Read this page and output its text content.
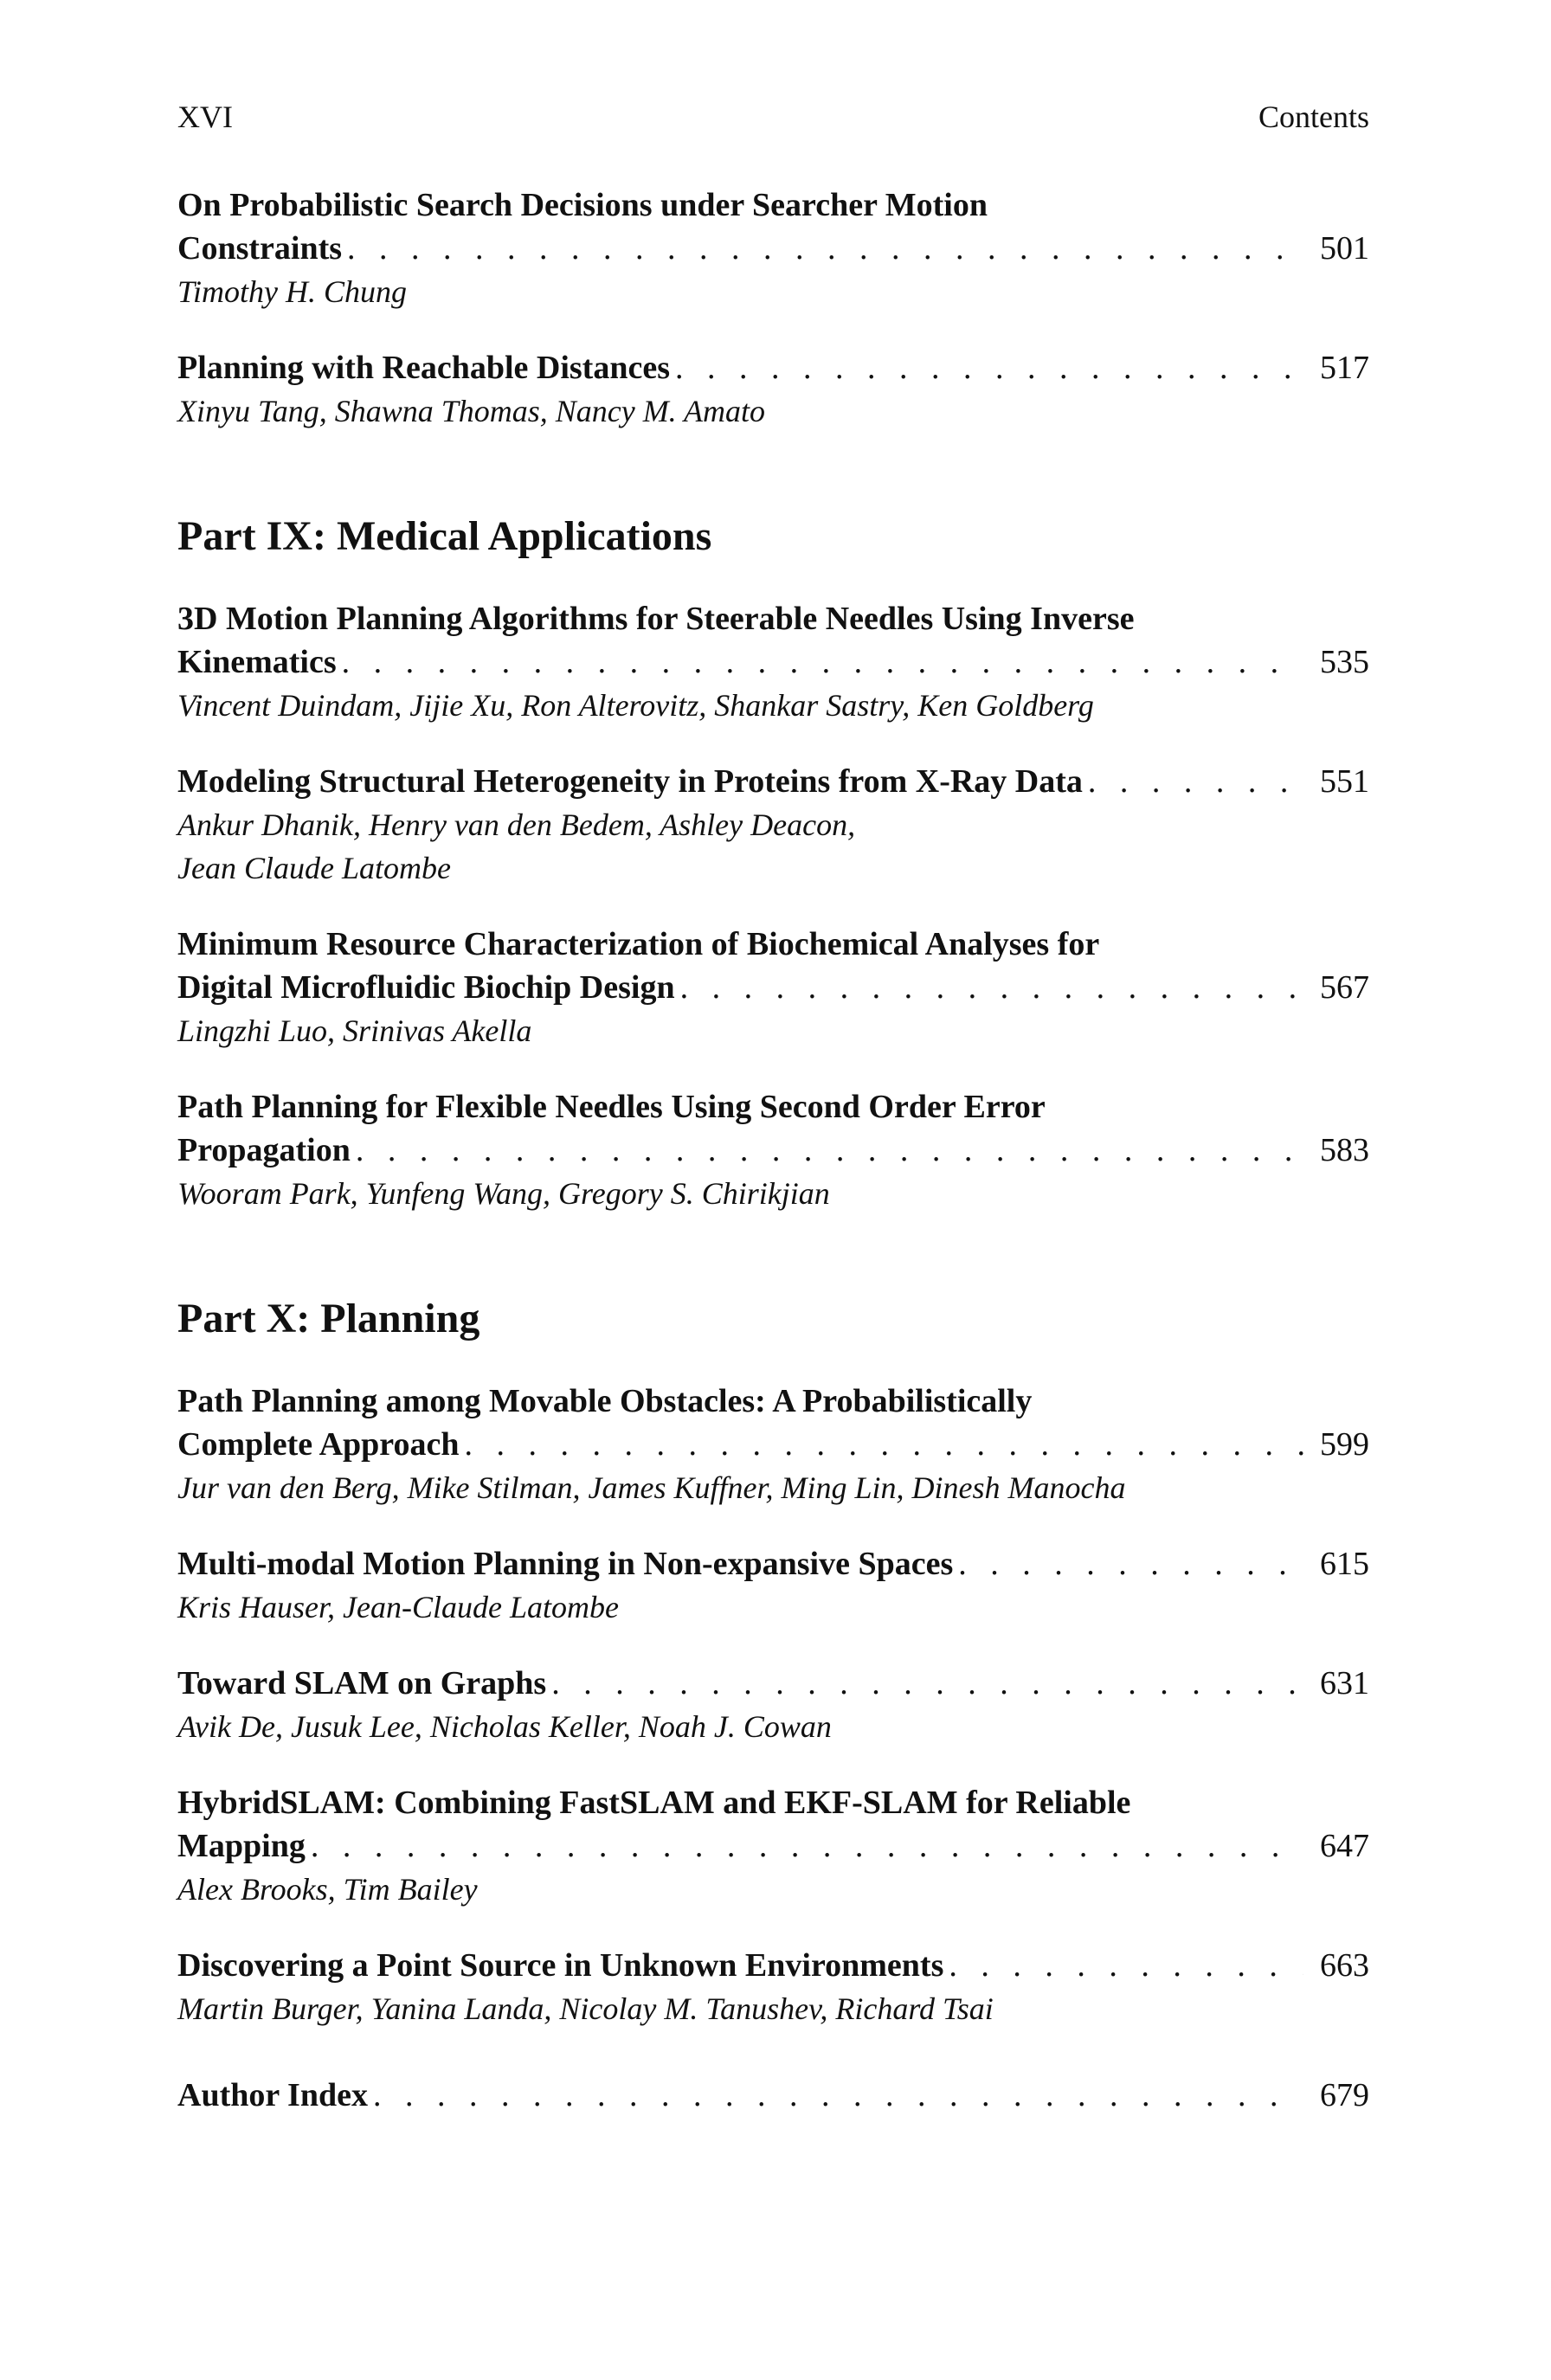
XVI	Contents
On Probabilistic Search Decisions under Searcher Motion
Constraints . . .	501
Timothy H. Chung
Planning with Reachable Distances . . .	517
Xinyu Tang, Shawna Thomas, Nancy M. Amato
Part IX: Medical Applications
3D Motion Planning Algorithms for Steerable Needles Using Inverse
Kinematics . . .	535
Vincent Duindam, Jijie Xu, Ron Alterovitz, Shankar Sastry, Ken Goldberg
Modeling Structural Heterogeneity in Proteins from X-Ray Data . . .	551
Ankur Dhanik, Henry van den Bedem, Ashley Deacon,
Jean Claude Latombe
Minimum Resource Characterization of Biochemical Analyses for
Digital Microfluidic Biochip Design . . .	567
Lingzhi Luo, Srinivas Akella
Path Planning for Flexible Needles Using Second Order Error
Propagation . . .	583
Wooram Park, Yunfeng Wang, Gregory S. Chirikjian
Part X: Planning
Path Planning among Movable Obstacles: A Probabilistically
Complete Approach . . .	599
Jur van den Berg, Mike Stilman, James Kuffner, Ming Lin, Dinesh Manocha
Multi-modal Motion Planning in Non-expansive Spaces . . .	615
Kris Hauser, Jean-Claude Latombe
Toward SLAM on Graphs . . .	631
Avik De, Jusuk Lee, Nicholas Keller, Noah J. Cowan
HybridSLAM: Combining FastSLAM and EKF-SLAM for Reliable
Mapping . . .	647
Alex Brooks, Tim Bailey
Discovering a Point Source in Unknown Environments . . .	663
Martin Burger, Yanina Landa, Nicolay M. Tanushev, Richard Tsai
Author Index . . .	679
